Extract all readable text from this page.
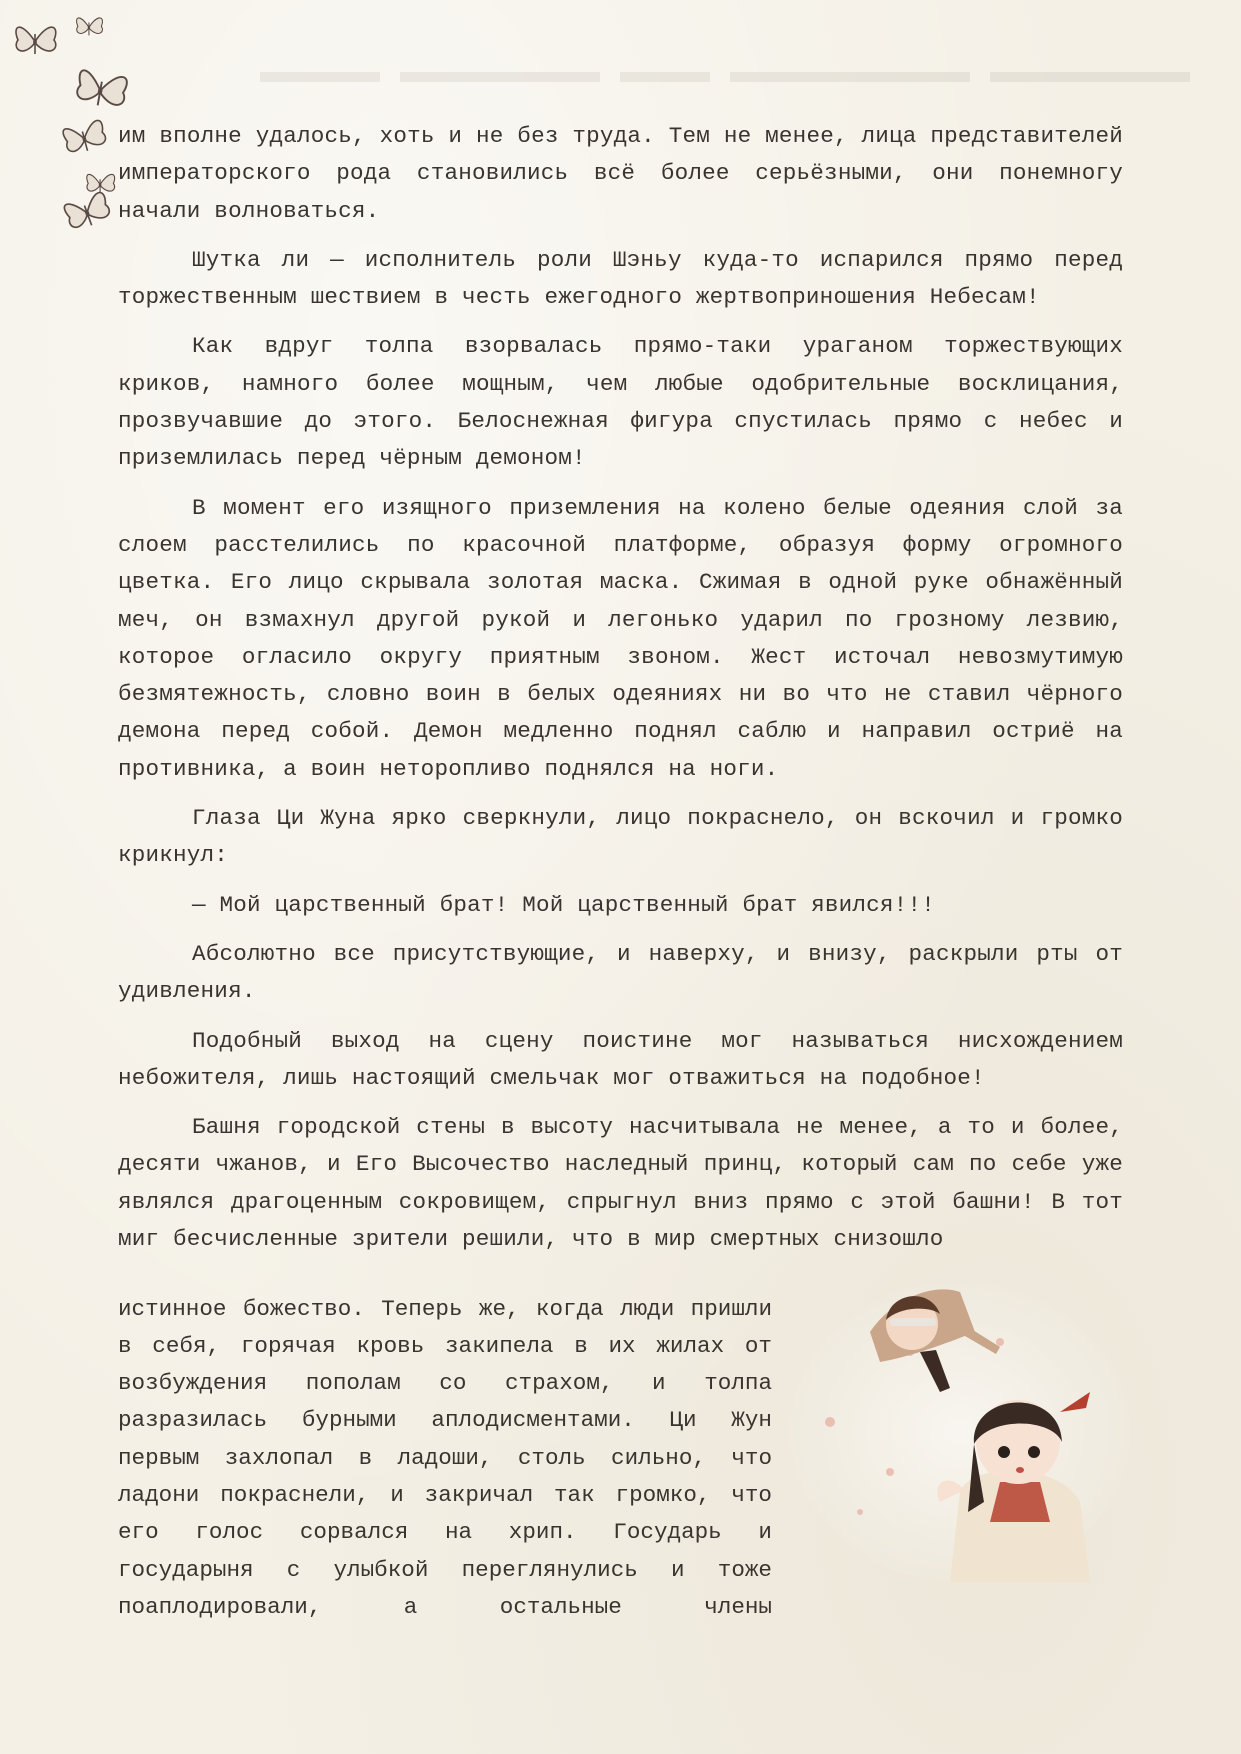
им вполне удалось, хоть и не без труда. Тем не менее, лица представителей императорского рода становились всё более серьёзными, они понемногу начали волноваться.

Шутка ли — исполнитель роли Шэньу куда-то испарился прямо перед торжественным шествием в честь ежегодного жертвоприношения Небесам!

Как вдруг толпа взорвалась прямо-таки ураганом торжествующих криков, намного более мощным, чем любые одобрительные восклицания, прозвучавшие до этого. Белоснежная фигура спустилась прямо с небес и приземлилась перед чёрным демоном!

В момент его изящного приземления на колено белые одеяния слой за слоем расстелились по красочной платформе, образуя форму огромного цветка. Его лицо скрывала золотая маска. Сжимая в одной руке обнажённый меч, он взмахнул другой рукой и легонько ударил по грозному лезвию, которое огласило округу приятным звоном. Жест источал невозмутимую безмятежность, словно воин в белых одеяниях ни во что не ставил чёрного демона перед собой. Демон медленно поднял саблю и направил остриё на противника, а воин неторопливо поднялся на ноги.

Глаза Ци Жуна ярко сверкнули, лицо покраснело, он вскочил и громко крикнул:

— Мой царственный брат! Мой царственный брат явился!!!

Абсолютно все присутствующие, и наверху, и внизу, раскрыли рты от удивления.

Подобный выход на сцену поистине мог называться нисхождением небожителя, лишь настоящий смельчак мог отважиться на подобное!

Башня городской стены в высоту насчитывала не менее, а то и более, десяти чжанов, и Его Высочество наследный принц, который сам по себе уже являлся драгоценным сокровищем, спрыгнул вниз прямо с этой башни! В тот миг бесчисленные зрители решили, что в мир смертных снизошло

истинное божество. Теперь же, когда люди пришли в себя, горячая кровь закипела в их жилах от возбуждения пополам со страхом, и толпа разразилась бурными аплодисментами. Ци Жун первым захлопал в ладоши, столь сильно, что ладони покраснели, и закричал так громко, что его голос сорвался на хрип. Государь и государыня с улыбкой переглянулись и тоже поаплодировали, а остальные члены
